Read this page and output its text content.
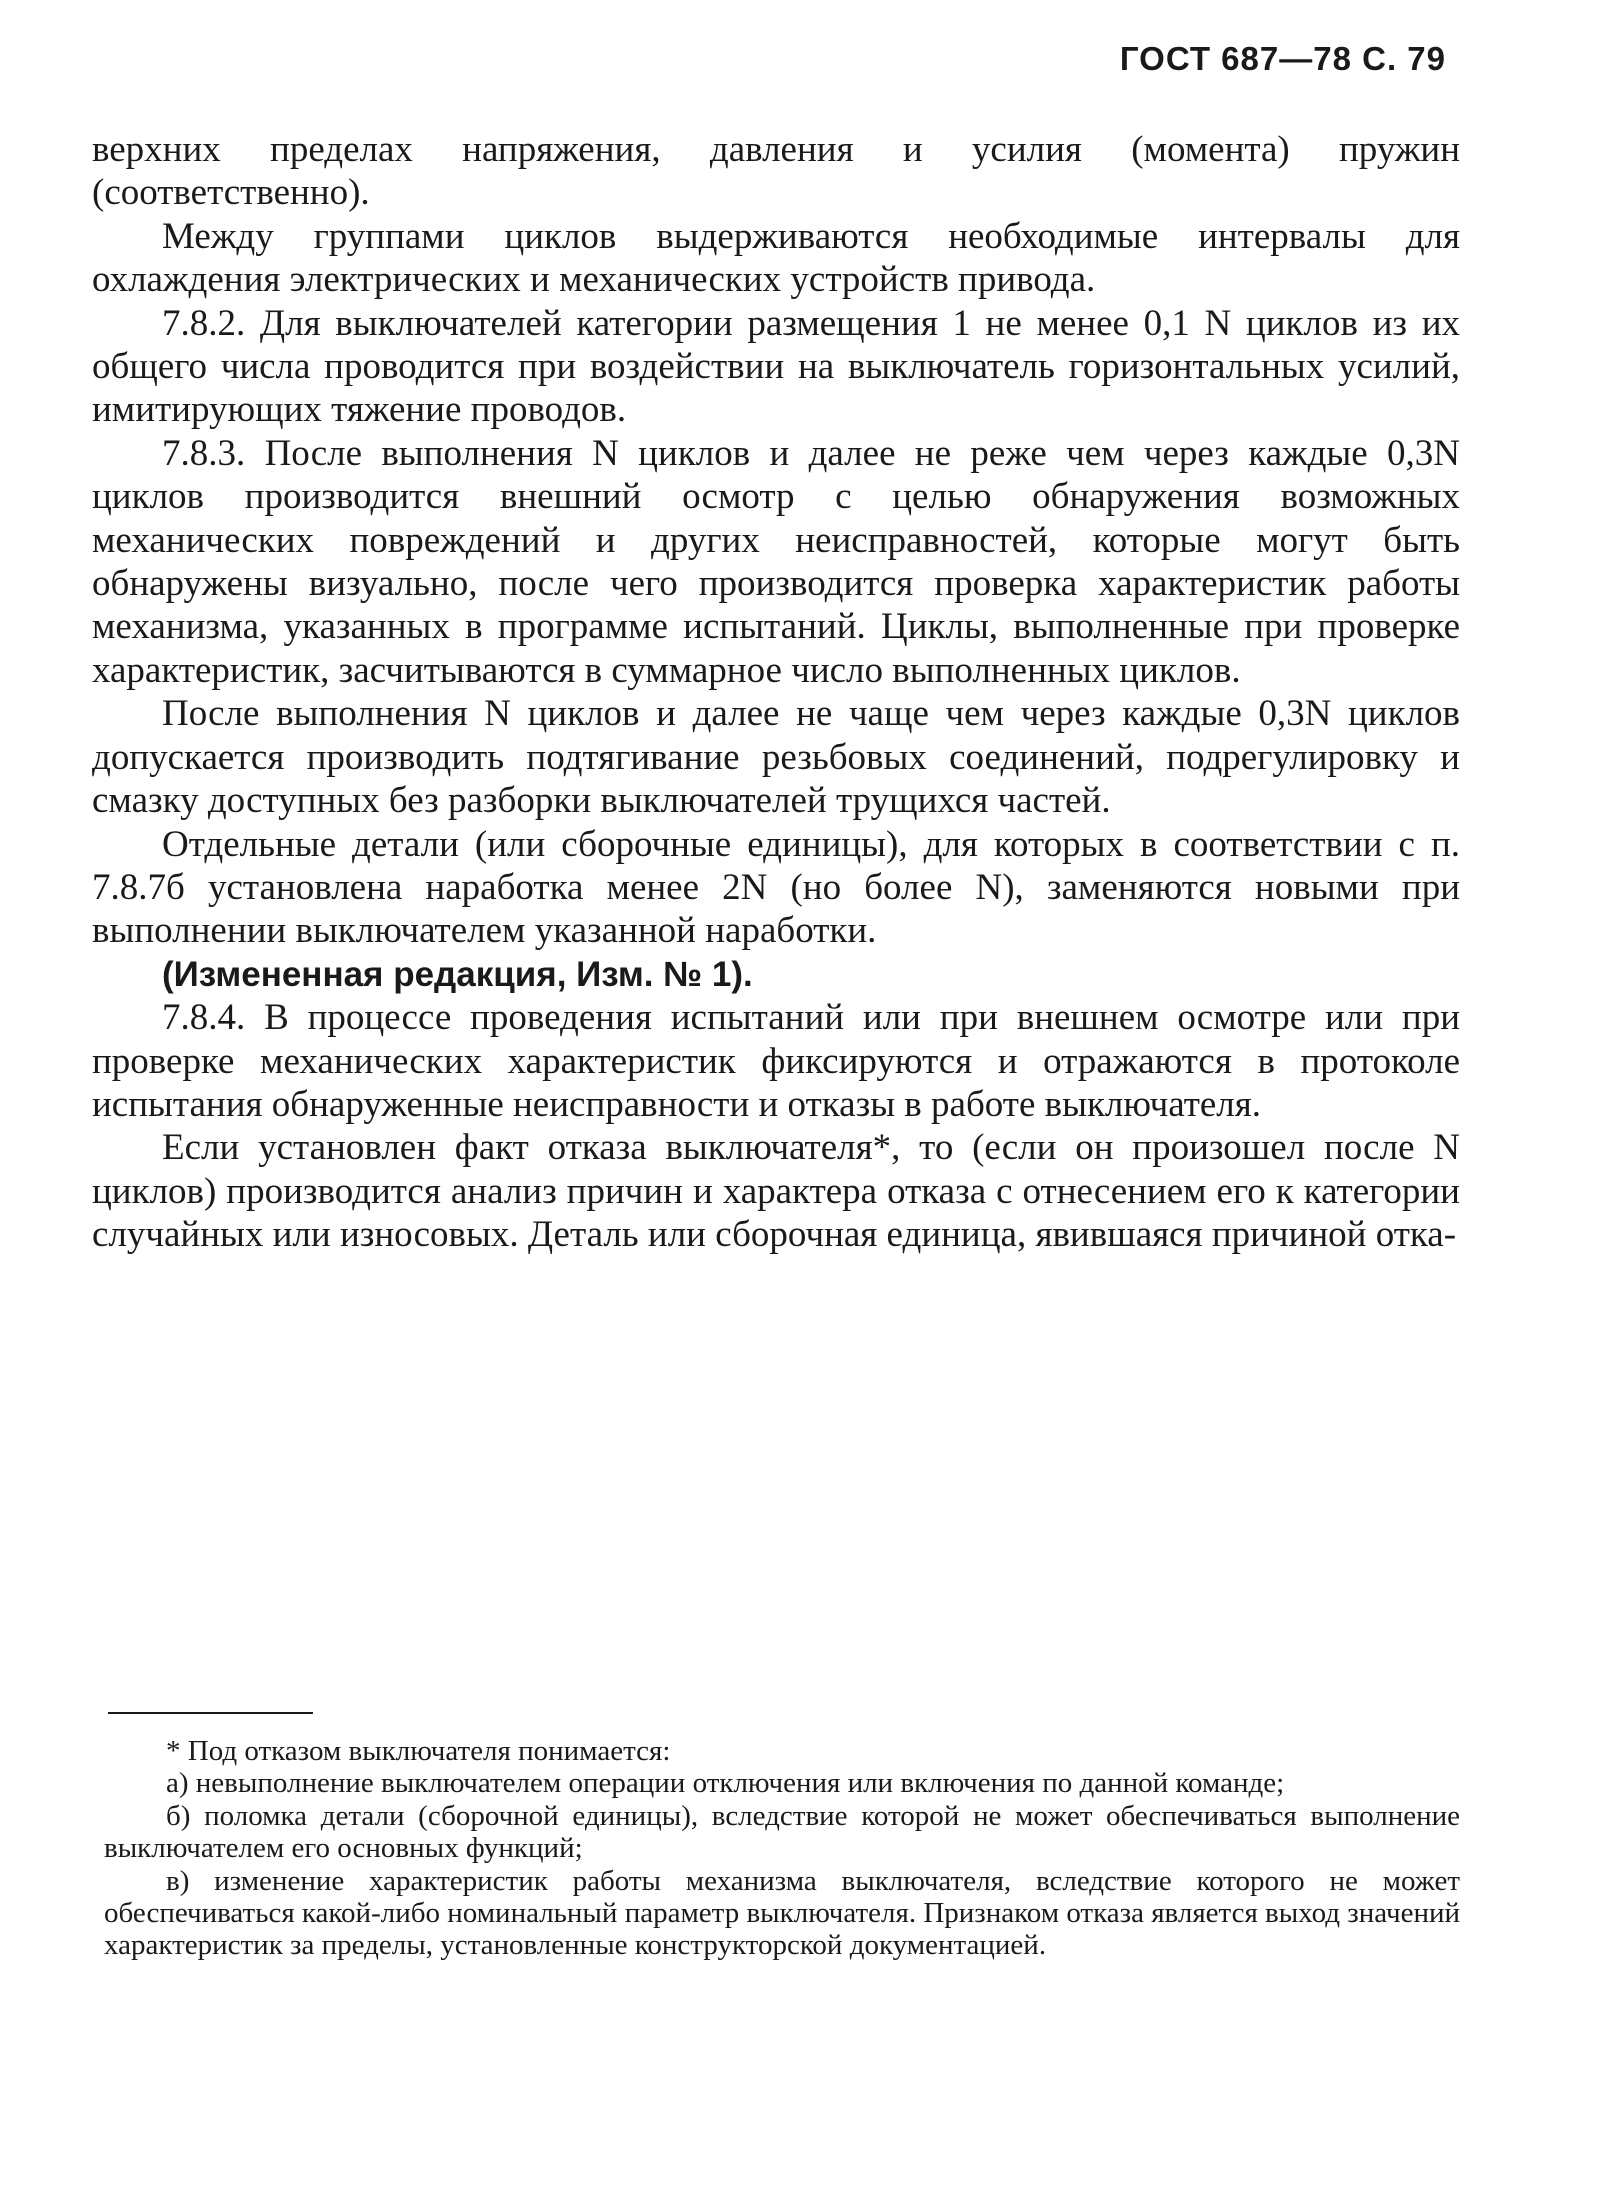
ГОСТ 687—78 С. 79

верхних пределах напряжения, давления и усилия (момента) пружин (соответственно).

Между группами циклов выдерживаются необходимые интервалы для охлаждения электрических и механических устройств привода.

7.8.2. Для выключателей категории размещения 1 не менее 0,1 N циклов из их общего числа проводится при воздействии на выключатель горизонтальных усилий, имитирующих тяжение проводов.

7.8.3. После выполнения N циклов и далее не реже чем через каждые 0,3N циклов производится внешний осмотр с целью обнаружения возможных механических повреждений и других неисправностей, которые могут быть обнаружены визуально, после чего производится проверка характеристик работы механизма, указанных в программе испытаний. Циклы, выполненные при проверке характеристик, засчитываются в суммарное число выполненных циклов.

После выполнения N циклов и далее не чаще чем через каждые 0,3N циклов допускается производить подтягивание резьбовых соединений, подрегулировку и смазку доступных без разборки выключателей трущихся частей.

Отдельные детали (или сборочные единицы), для которых в соответствии с п. 7.8.7б установлена наработка менее 2N (но более N), заменяются новыми при выполнении выключателем указанной наработки.

(Измененная редакция, Изм. № 1).

7.8.4. В процессе проведения испытаний или при внешнем осмотре или при проверке механических характеристик фиксируются и отражаются в протоколе испытания обнаруженные неисправности и отказы в работе выключателя.

Если установлен факт отказа выключателя*, то (если он произошел после N циклов) производится анализ причин и характера отказа с отнесением его к категории случайных или износовых. Деталь или сборочная единица, явившаяся причиной отка-

* Под отказом выключателя понимается:

а) невыполнение выключателем операции отключения или включения по данной команде;

б) поломка детали (сборочной единицы), вследствие которой не может обеспечиваться выполнение выключателем его основных функций;

в) изменение характеристик работы механизма выключателя, вследствие которого не может обеспечиваться какой-либо номинальный параметр выключателя. Признаком отказа является выход значений характеристик за пределы, установленные конструкторской документацией.
